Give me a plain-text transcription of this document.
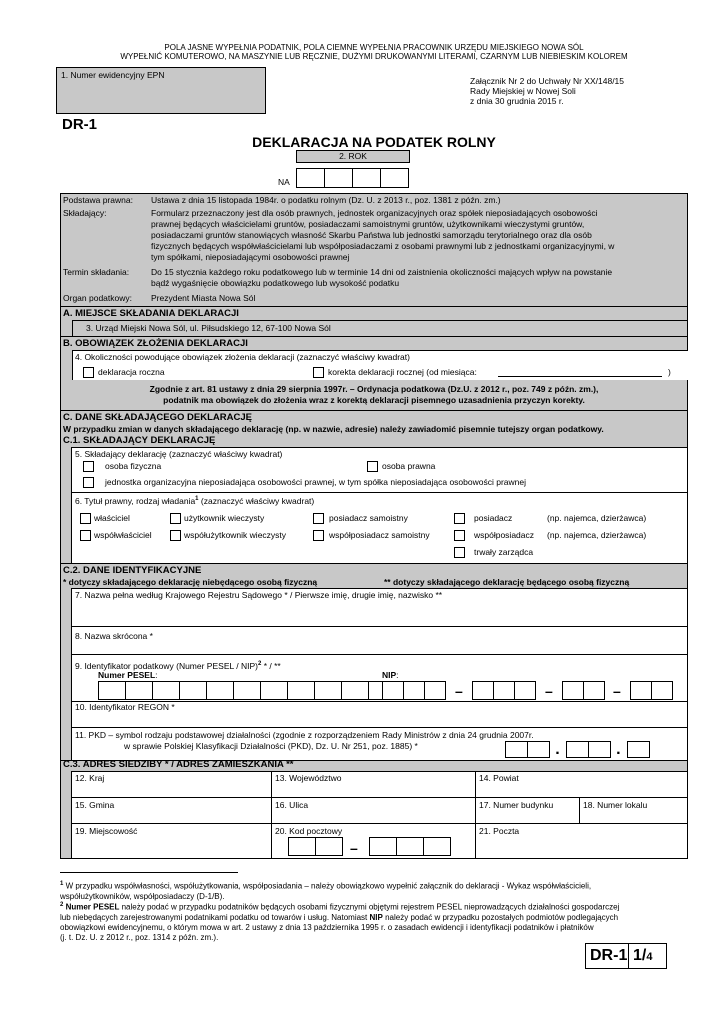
POLA JASNE WYPEŁNIA PODATNIK, POLA CIEMNE WYPEŁNIA PRACOWNIK URZĘDU MIEJSKIEGO NOWA SÓL
WYPEŁNIĆ KOMUTEROWO, NA MASZYNIE LUB RĘCZNIE, DUŻYMI DRUKOWANYMI LITERAMI, CZARNYM LUB NIEBIESKIM KOLOREM
1. Numer ewidencyjny EPN
Załącznik Nr 2 do Uchwały Nr XX/148/15
Rady Miejskiej w Nowej Soli
z dnia 30 grudnia 2015 r.
DR-1
DEKLARACJA NA PODATEK ROLNY
2. ROK
NA
Podstawa prawna: Ustawa z dnia 15 listopada 1984r. o podatku rolnym (Dz. U. z 2013 r., poz. 1381 z późn. zm.)
Składający:	Formularz przeznaczony jest dla osób prawnych, jednostek organizacyjnych oraz spółek nieposiadających osobowości
prawnej będących właścicielami gruntów, posiadaczami samoistnymi gruntów, użytkownikami wieczystymi gruntów,
posiadaczami gruntów stanowiących własność Skarbu Państwa lub jednostki samorządu terytorialnego oraz dla osób
fizycznych będących współwłaścicielami lub współposiadaczami z osobami prawnymi lub z jednostkami organizacyjnymi, w
tym spółkami, nieposiadającymi osobowości prawnej
Termin składania:	Do 15 stycznia każdego roku podatkowego lub w terminie 14 dni od zaistnienia okoliczności mających wpływ na powstanie
bądź wygaśnięcie obowiązku podatkowego lub wysokość podatku
Organ podatkowy: Prezydent Miasta Nowa Sól
A. MIEJSCE SKŁADANIA DEKLARACJI
3. Urząd Miejski Nowa Sól, ul. Piłsudskiego 12, 67-100 Nowa Sól
B. OBOWIĄZEK ZŁOŻENIA DEKLARACJI
4. Okoliczności powodujące obowiązek złożenia deklaracji (zaznaczyć właściwy kwadrat)
deklaracja roczna	korekta deklaracji rocznej (od miesiąca:	)
Zgodnie z art. 81 ustawy z dnia 29 sierpnia 1997r. – Ordynacja podatkowa (Dz.U. z 2012 r., poz. 749 z późn. zm.),
podatnik ma obowiązek do złożenia wraz z korektą deklaracji pisemnego uzasadnienia przyczyn korekty.
C. DANE SKŁADAJĄCEGO DEKLARACJĘ
W przypadku zmian w danych składającego deklarację (np. w nazwie, adresie) należy zawiadomić pisemnie tutejszy organ podatkowy.
C.1. SKŁADAJĄCY DEKLARACJĘ
5. Składający deklarację (zaznaczyć właściwy kwadrat)
osoba fizyczna	osoba prawna
jednostka organizacyjna nieposiadająca osobowości prawnej, w tym spółka nieposiadająca osobowości prawnej
6. Tytuł prawny, rodzaj władania$^1$ (zaznaczyć właściwy kwadrat)
właściciel	użytkownik wieczysty	posiadacz samoistny	posiadacz	(np. najemca, dzierżawca)
współwłaściciel	współużytkownik wieczysty	współposiadacz samoistny	współposiadacz (np. najemca, dzierżawca)
trwały zarządca
C.2. DANE IDENTYFIKACYJNE
* dotyczy składającego deklarację niebędącego osobą fizyczną	** dotyczy składającego deklarację będącego osobą fizyczną
7. Nazwa pełna według Krajowego Rejestru Sądowego * / Pierwsze imię, drugie imię, nazwisko **
8. Nazwa skrócona *
9. Identyfikator podatkowy (Numer PESEL / NIP)$^2$ * / **
Numer PESEL:	NIP:
–	–	–
10. Identyfikator REGON *
11. PKD – symbol rodzaju podstawowej działalności (zgodnie z rozporządzeniem Rady Ministrów z dnia 24 grudnia 2007r.
w sprawie Polskiej Klasyfikacji Działalności (PKD), Dz. U. Nr 251, poz. 1885) *	.	.
C.3. ADRES SIEDZIBY * / ADRES ZAMIESZKANIA **
12. Kraj	13. Województwo	14. Powiat
15. Gmina	16. Ulica	17. Numer budynku	18. Numer lokalu
19. Miejscowość	20. Kod pocztowy	21. Poczta
–
$^1$ W przypadku współwłasności, współużytkowania, współposiadania – należy obowiązkowo wypełnić załącznik do deklaracji - Wykaz współwłaścicieli,
współużytkowników, współposiadaczy (D-1/B).
$^2$ Numer PESEL należy podać w przypadku podatników będących osobami fizycznymi objętymi rejestrem PESEL nieprowadzących działalności gospodarczej
lub niebędących zarejestrowanymi podatnikami podatku od towarów i usług. Natomiast NIP należy podać w przypadku pozostałych podmiotów podlegających
obowiązkowi ewidencyjnemu, o którym mowa w art. 2 ustawy z dnia 13 października 1995 r. o zasadach ewidencji i identyfikacji podatników i płatników
(j. t. Dz. U. z 2012 r., poz. 1314 z późn. zm.).
DR-1 1/4
